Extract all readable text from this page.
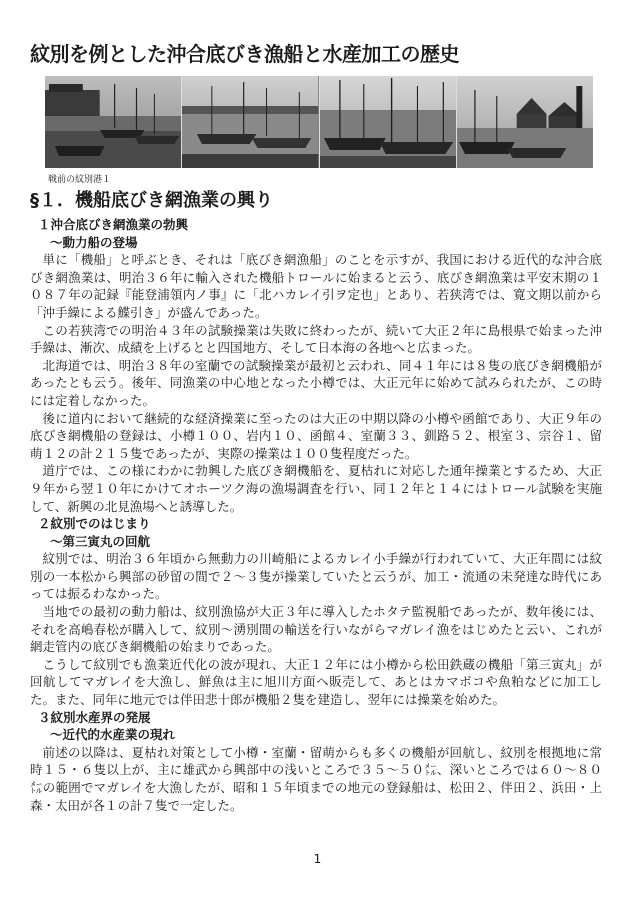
紋別を例とした沖合底びき漁船と水産加工の歴史

戦前の紋別港１

§１．機船底びき網漁業の興り
１沖合底びき網漁業の勃興
～動力船の登場

単に「機船」と呼ぶとき、それは「底びき網漁船」のことを示すが、我国における近代的な沖合底びき網漁業は、明治３６年に輸入された機船トロールに始まると云う、底びき網漁業は平安末期の１０８７年の記録『能登浦領内ノ事』に「北ハカレイ引ヲ定也」とあり、若狭湾では、寛文期以前から「沖手繰による鰈引き」が盛んであった。

この若狭湾での明治４３年の試験操業は失敗に終わったが、続いて大正２年に島根県で始まった沖手繰は、漸次、成績を上げるとと四国地方、そして日本海の各地へと広まった。

北海道では、明治３８年の室蘭での試験操業が最初と云われ、同４１年には８隻の底びき網機船があったとも云う。後年、同漁業の中心地となった小樽では、大正元年に始めて試みられたが、この時には定着しなかった。

後に道内において継続的な経済操業に至ったのは大正の中期以降の小樽や函館であり、大正９年の底びき網機船の登録は、小樽１００、岩内１０、函館４、室蘭３３、釧路５２、根室３、宗谷１、留萌１２の計２１５隻であったが、実際の操業は１００隻程度だった。

道庁では、この様にわかに勃興した底びき網機船を、夏枯れに対応した通年操業とするため、大正９年から翌１０年にかけてオホーツク海の漁場調査を行い、同１２年と１４にはトロール試験を実施して、新興の北見漁場へと誘導した。

２紋別でのはじまり
～第三寅丸の回航

紋別では、明治３６年頃から無動力の川崎船によるカレイ小手繰が行われていて、大正年間には紋別の一本松から興部の砂留の間で２～３隻が操業していたと云うが、加工・流通の未発達な時代にあっては振るわなかった。

当地での最初の動力船は、紋別漁協が大正３年に導入したホタテ監視船であったが、数年後には、それを高嶋春松が購入して、紋別～湧別間の輸送を行いながらマガレイ漁をはじめたと云い、これが網走管内の底びき網機船の始まりであった。

こうして紋別でも漁業近代化の波が現れ、大正１２年には小樽から松田鉄蔵の機船「第三寅丸」が回航してマガレイを大漁し、鮮魚は主に旭川方面へ販売して、あとはカマボコや魚粕などに加工した。また、同年に地元では伴田悲十郎が機船２隻を建造し、翌年には操業を始めた。

３紋別水産界の発展
～近代的水産業の現れ

前述の以降は、夏枯れ対策として小樽・室蘭・留萌からも多くの機船が回航し、紋別を根拠地に常時１５・６隻以上が、主に雄武から興部中の浅いところで３５～５０㍍、深いところでは６０～８０㍍の範囲でマガレイを大漁したが、昭和１５年頃までの地元の登録船は、松田２、伴田２、浜田・上森・太田が各１の計７隻で一定した。

1
